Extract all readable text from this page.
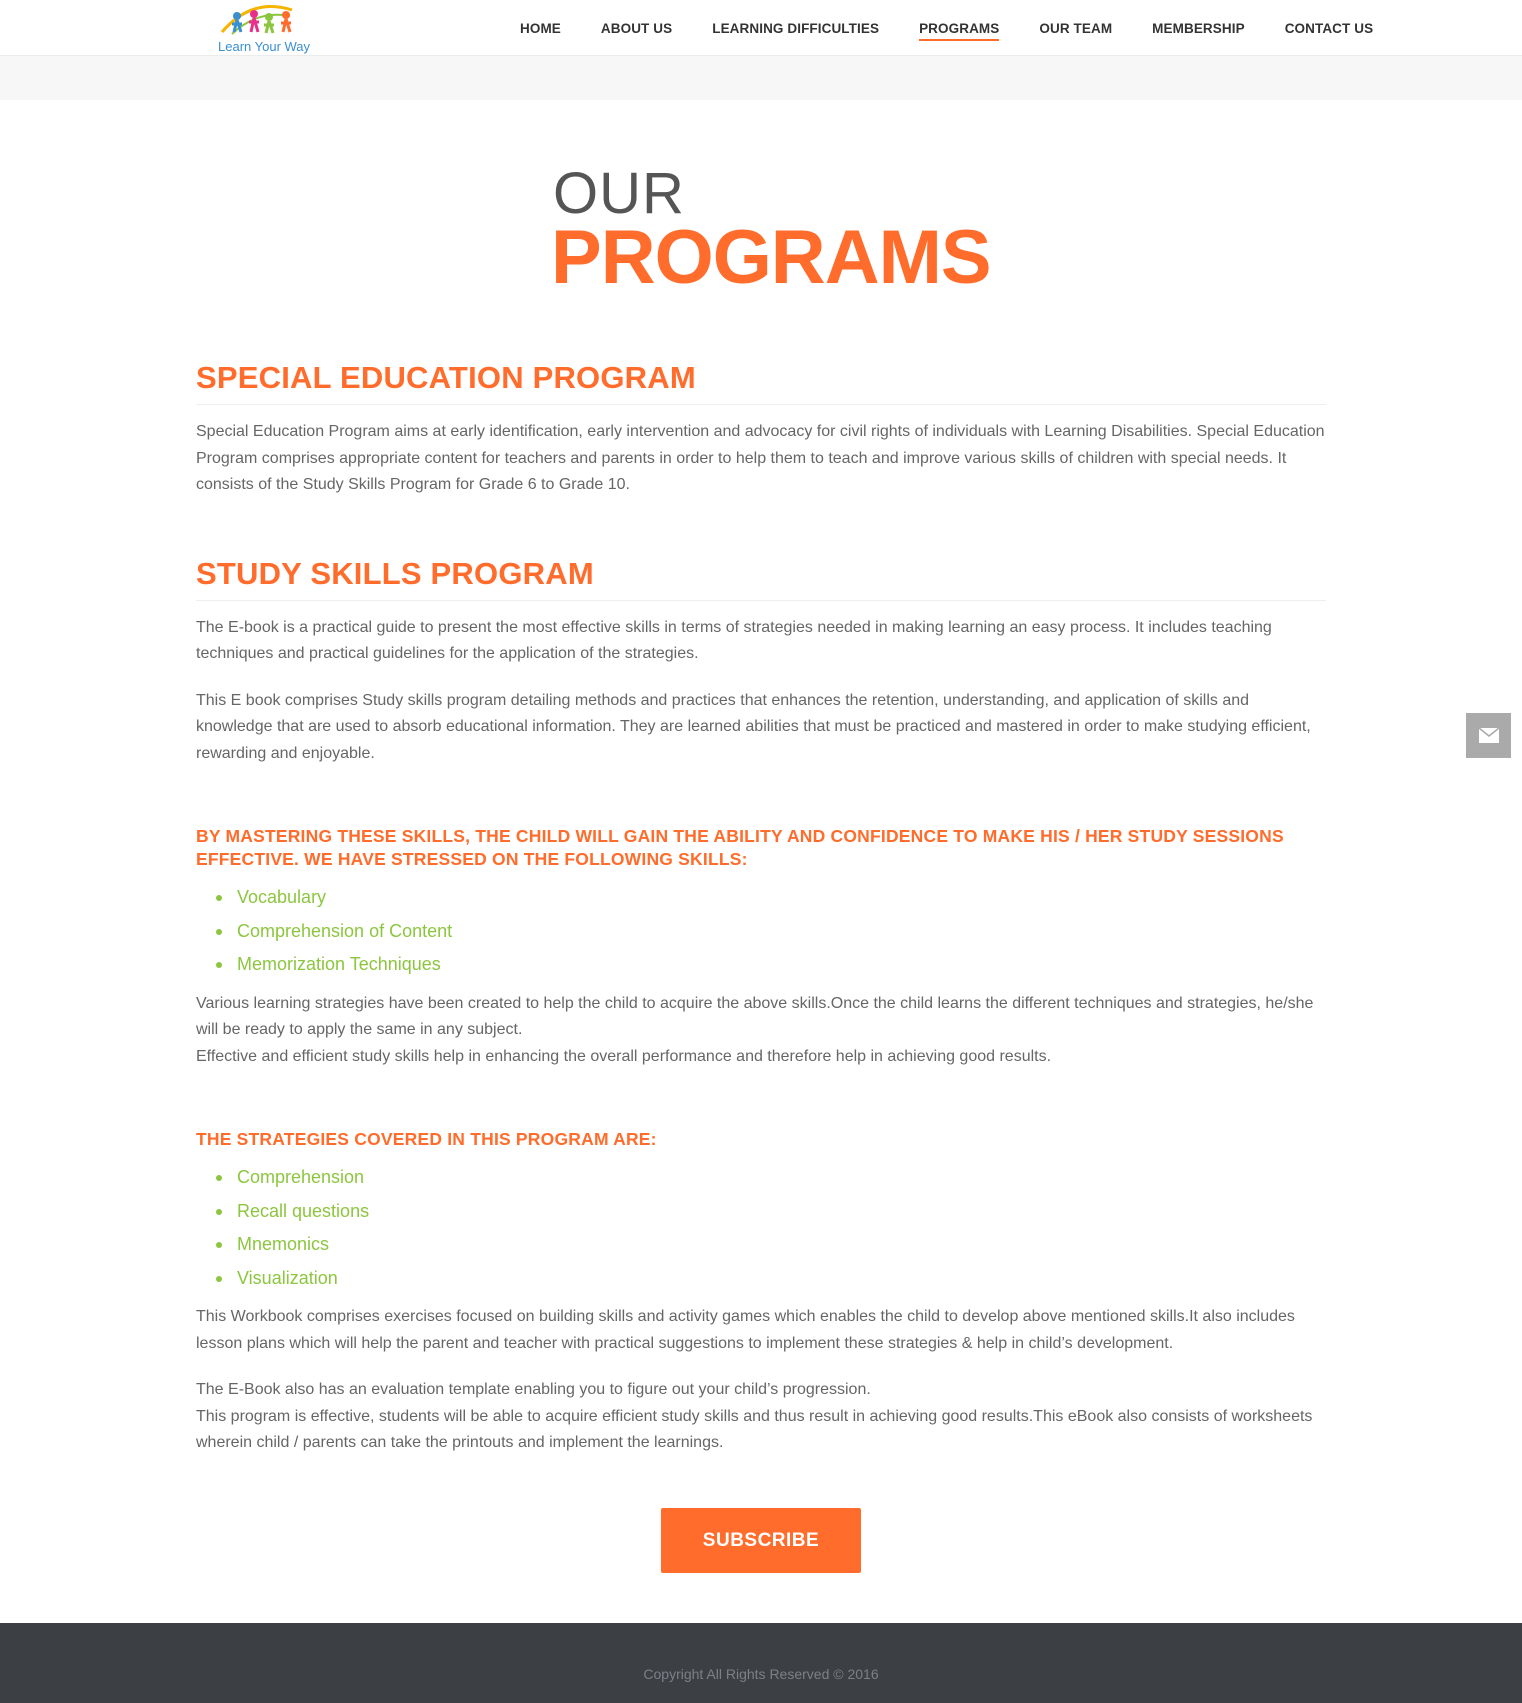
Learn Your Way
HOME	ABOUT US	LEARNING DIFFICULTIES	PROGRAMS	OUR TEAM	MEMBERSHIP	CONTACT US
OUR
PROGRAMS
SPECIAL EDUCATION PROGRAM

Special Education Program aims at early identification, early intervention and advocacy for civil rights of individuals with Learning Disabilities. Special Education Program comprises appropriate content for teachers and parents in order to help them to teach and improve various skills of children with special needs. It consists of the Study Skills Program for Grade 6 to Grade 10.

STUDY SKILLS PROGRAM

The E-book is a practical guide to present the most effective skills in terms of strategies needed in making learning an easy process. It includes teaching techniques and practical guidelines for the application of the strategies.

This E book comprises Study skills program detailing methods and practices that enhances the retention, understanding, and application of skills and knowledge that are used to absorb educational information. They are learned abilities that must be practiced and mastered in order to make studying efficient, rewarding and enjoyable.

BY MASTERING THESE SKILLS, THE CHILD WILL GAIN THE ABILITY AND CONFIDENCE TO MAKE HIS / HER STUDY SESSIONS EFFECTIVE. WE HAVE STRESSED ON THE FOLLOWING SKILLS:
Vocabulary
Comprehension of Content
Memorization Techniques

Various learning strategies have been created to help the child to acquire the above skills.Once the child learns the different techniques and strategies, he/she will be ready to apply the same in any subject.
Effective and efficient study skills help in enhancing the overall performance and therefore help in achieving good results.

THE STRATEGIES COVERED IN THIS PROGRAM ARE:
Comprehension
Recall questions
Mnemonics
Visualization

This Workbook comprises exercises focused on building skills and activity games which enables the child to develop above mentioned skills.It also includes lesson plans which will help the parent and teacher with practical suggestions to implement these strategies & help in child’s development.

The E-Book also has an evaluation template enabling you to figure out your child’s progression.
This program is effective, students will be able to acquire efficient study skills and thus result in achieving good results.This eBook also consists of worksheets wherein child / parents can take the printouts and implement the learnings.

SUBSCRIBE
Copyright All Rights Reserved © 2016
